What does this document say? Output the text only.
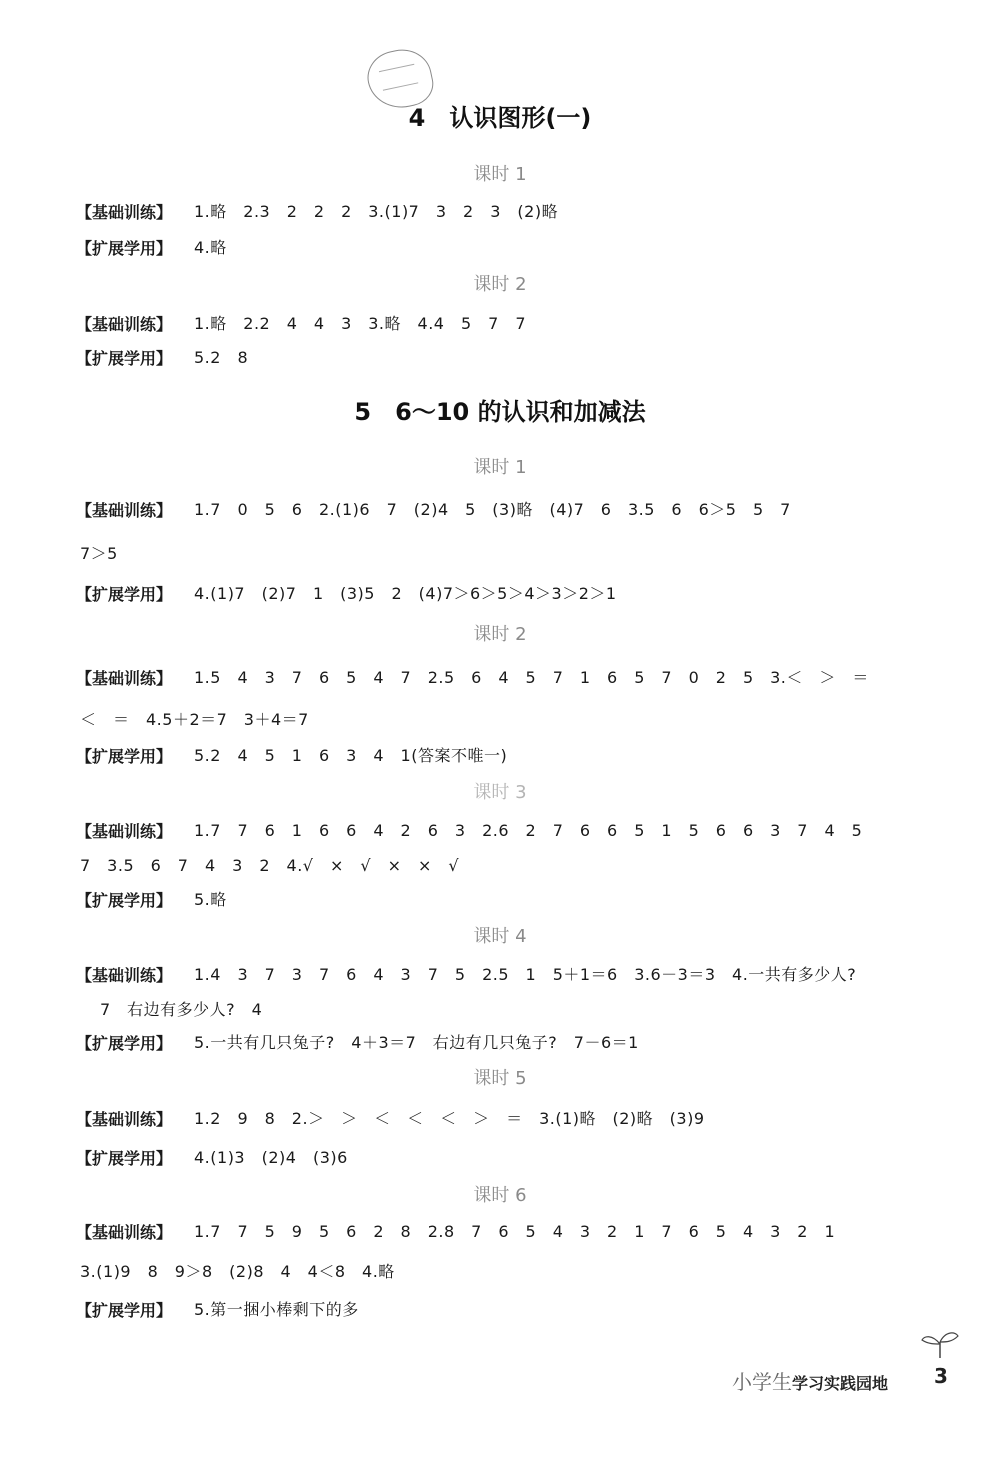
4　认识图形(一)
课时 1
【基础训练】 1.略　2.3　2　2　2　3.(1)7　3　2　3　(2)略
【扩展学用】 4.略
课时 2
【基础训练】 1.略　2.2　4　4　3　3.略　4.4　5　7　7
【扩展学用】 5.2　8
5　6～10 的认识和加减法
课时 1
【基础训练】 1.7　0　5　6　2.(1)6　7　(2)4　5　(3)略　(4)7　6　3.5　6　6＞5　5　7
7＞5
【扩展学用】 4.(1)7　(2)7　1　(3)5　2　(4)7＞6＞5＞4＞3＞2＞1
课时 2
【基础训练】 1.5　4　3　7　6　5　4　7　2.5　6　4　5　7　1　6　5　7　0　2　5　3.＜　＞　＝
＜　＝　4.5＋2＝7　3＋4＝7
【扩展学用】 5.2　4　5　1　6　3　4　1(答案不唯一)
课时 3
【基础训练】 1.7　7　6　1　6　6　4　2　6　3　2.6　2　7　6　6　5　1　5　6　6　3　7　4　5
7　3.5　6　7　4　3　2　4.√　×　√　×　×　√
【扩展学用】 5.略
课时 4
【基础训练】 1.4　3　7　3　7　6　4　3　7　5　2.5　1　5＋1＝6　3.6－3＝3　4.一共有多少人?
7　右边有多少人?　4
【扩展学用】 5.一共有几只兔子?　4＋3＝7　右边有几只兔子?　7－6＝1
课时 5
【基础训练】 1.2　9　8　2.＞　＞　＜　＜　＜　＞　＝　3.(1)略　(2)略　(3)9
【扩展学用】 4.(1)3　(2)4　(3)6
课时 6
【基础训练】 1.7　7　5　9　5　6　2　8　2.8　7　6　5　4　3　2　1　7　6　5　4　3　2　1
3.(1)9　8　9＞8　(2)8　4　4＜8　4.略
【扩展学用】 5.第一捆小棒剩下的多
小学生学习实践园地 3
